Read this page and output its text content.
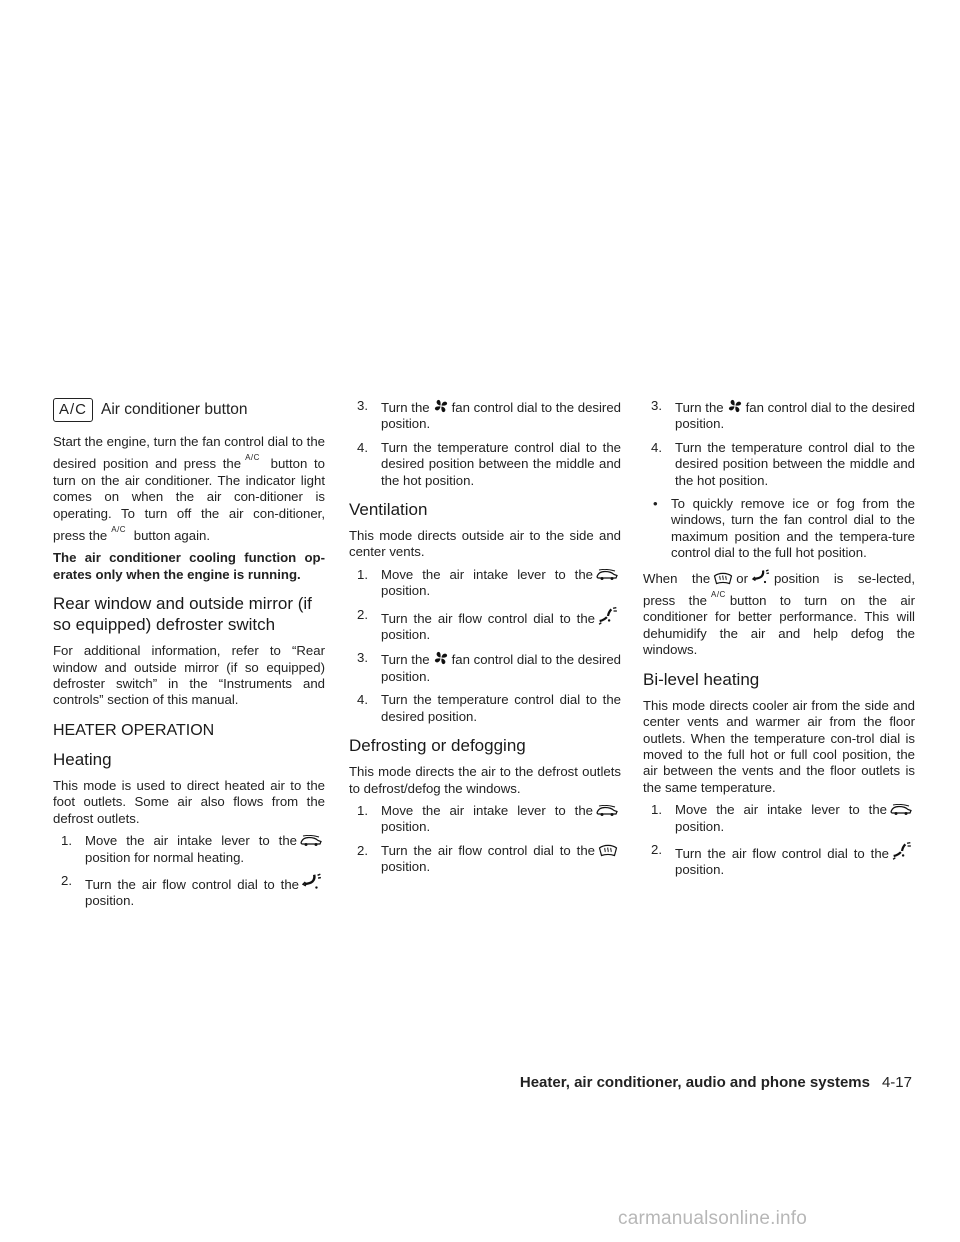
A/C Air conditioner button

Start the engine, turn the fan control dial to the desired position and press the $^{A/C}$ button to turn on the air conditioner. The indicator light comes on when the air con-ditioner is operating. To turn off the air con-ditioner, press the $^{A/C}$ button again.

The air conditioner cooling function op-erates only when the engine is running.

Rear window and outside mirror (if so equipped) defroster switch

For additional information, refer to “Rear window and outside mirror (if so equipped) defroster switch” in the “Instruments and controls” section of this manual.

HEATER OPERATION
Heating

This mode is used to direct heated air to the foot outlets. Some air also flows from the defrost outlets.

1. Move the air intake lever to theposition for normal heating.
2. Turn the air flow control dial to theposition.
3. Turn the fan control dial to the desired position.
4. Turn the temperature control dial to the desired position between the middle and the hot position.
Ventilation

This mode directs outside air to the side and center vents.

1. Move the air intake lever to theposition.
2. Turn the air flow control dial to theposition.
3. Turn the fan control dial to the desired position.
4. Turn the temperature control dial to the desired position.
Defrosting or defogging

This mode directs the air to the defrost outlets to defrost/defog the windows.

1. Move the air intake lever to theposition.
2. Turn the air flow control dial to theposition.
3. Turn the fan control dial to the desired position.
4. Turn the temperature control dial to the desired position between the middle and the hot position.
•	To quickly remove ice or fog from the windows, turn the fan control dial to the maximum position and the tempera-ture control dial to the full hot position.

When the or position is se-lected, press the $^{A/C}$ button to turn on the air conditioner for better performance. This will dehumidify the air and help defog the windows.

Bi-level heating

This mode directs cooler air from the side and center vents and warmer air from the floor outlets. When the temperature con-trol dial is moved to the full hot or full cool position, the air between the vents and the floor outlets is the same temperature.

1. Move the air intake lever to theposition.
2. Turn the air flow control dial to theposition.
Heater, air conditioner, audio and phone systems 4-17
carmanualsonline.info
